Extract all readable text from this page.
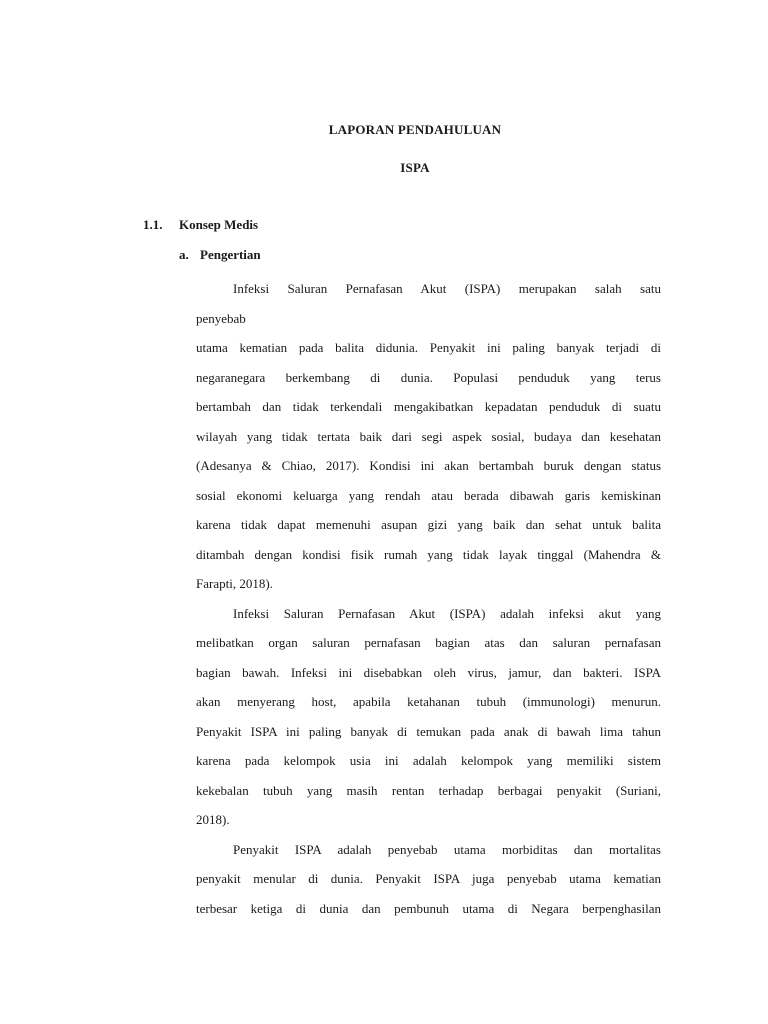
LAPORAN PENDAHULUAN
ISPA
1.1. Konsep Medis
a. Pengertian
Infeksi Saluran Pernafasan Akut (ISPA) merupakan salah satu
penyebab
utama kematian pada balita didunia. Penyakit ini paling banyak terjadi di
negaranegara berkembang di dunia. Populasi penduduk yang terus
bertambah dan tidak terkendali mengakibatkan kepadatan penduduk di suatu
wilayah yang tidak tertata baik dari segi aspek sosial, budaya dan kesehatan
(Adesanya & Chiao, 2017). Kondisi ini akan bertambah buruk dengan status
sosial ekonomi keluarga yang rendah atau berada dibawah garis kemiskinan
karena tidak dapat memenuhi asupan gizi yang baik dan sehat untuk balita
ditambah dengan kondisi fisik rumah yang tidak layak tinggal (Mahendra &
Farapti, 2018).
Infeksi Saluran Pernafasan Akut (ISPA) adalah infeksi akut yang
melibatkan organ saluran pernafasan bagian atas dan saluran pernafasan
bagian bawah. Infeksi ini disebabkan oleh virus, jamur, dan bakteri. ISPA
akan menyerang host, apabila ketahanan tubuh (immunologi) menurun.
Penyakit ISPA ini paling banyak di temukan pada anak di bawah lima tahun
karena pada kelompok usia ini adalah kelompok yang memiliki sistem
kekebalan tubuh yang masih rentan terhadap berbagai penyakit (Suriani,
2018).
Penyakit ISPA adalah penyebab utama morbiditas dan mortalitas
penyakit menular di dunia. Penyakit ISPA juga penyebab utama kematian
terbesar ketiga di dunia dan pembunuh utama di Negara berpenghasilan
